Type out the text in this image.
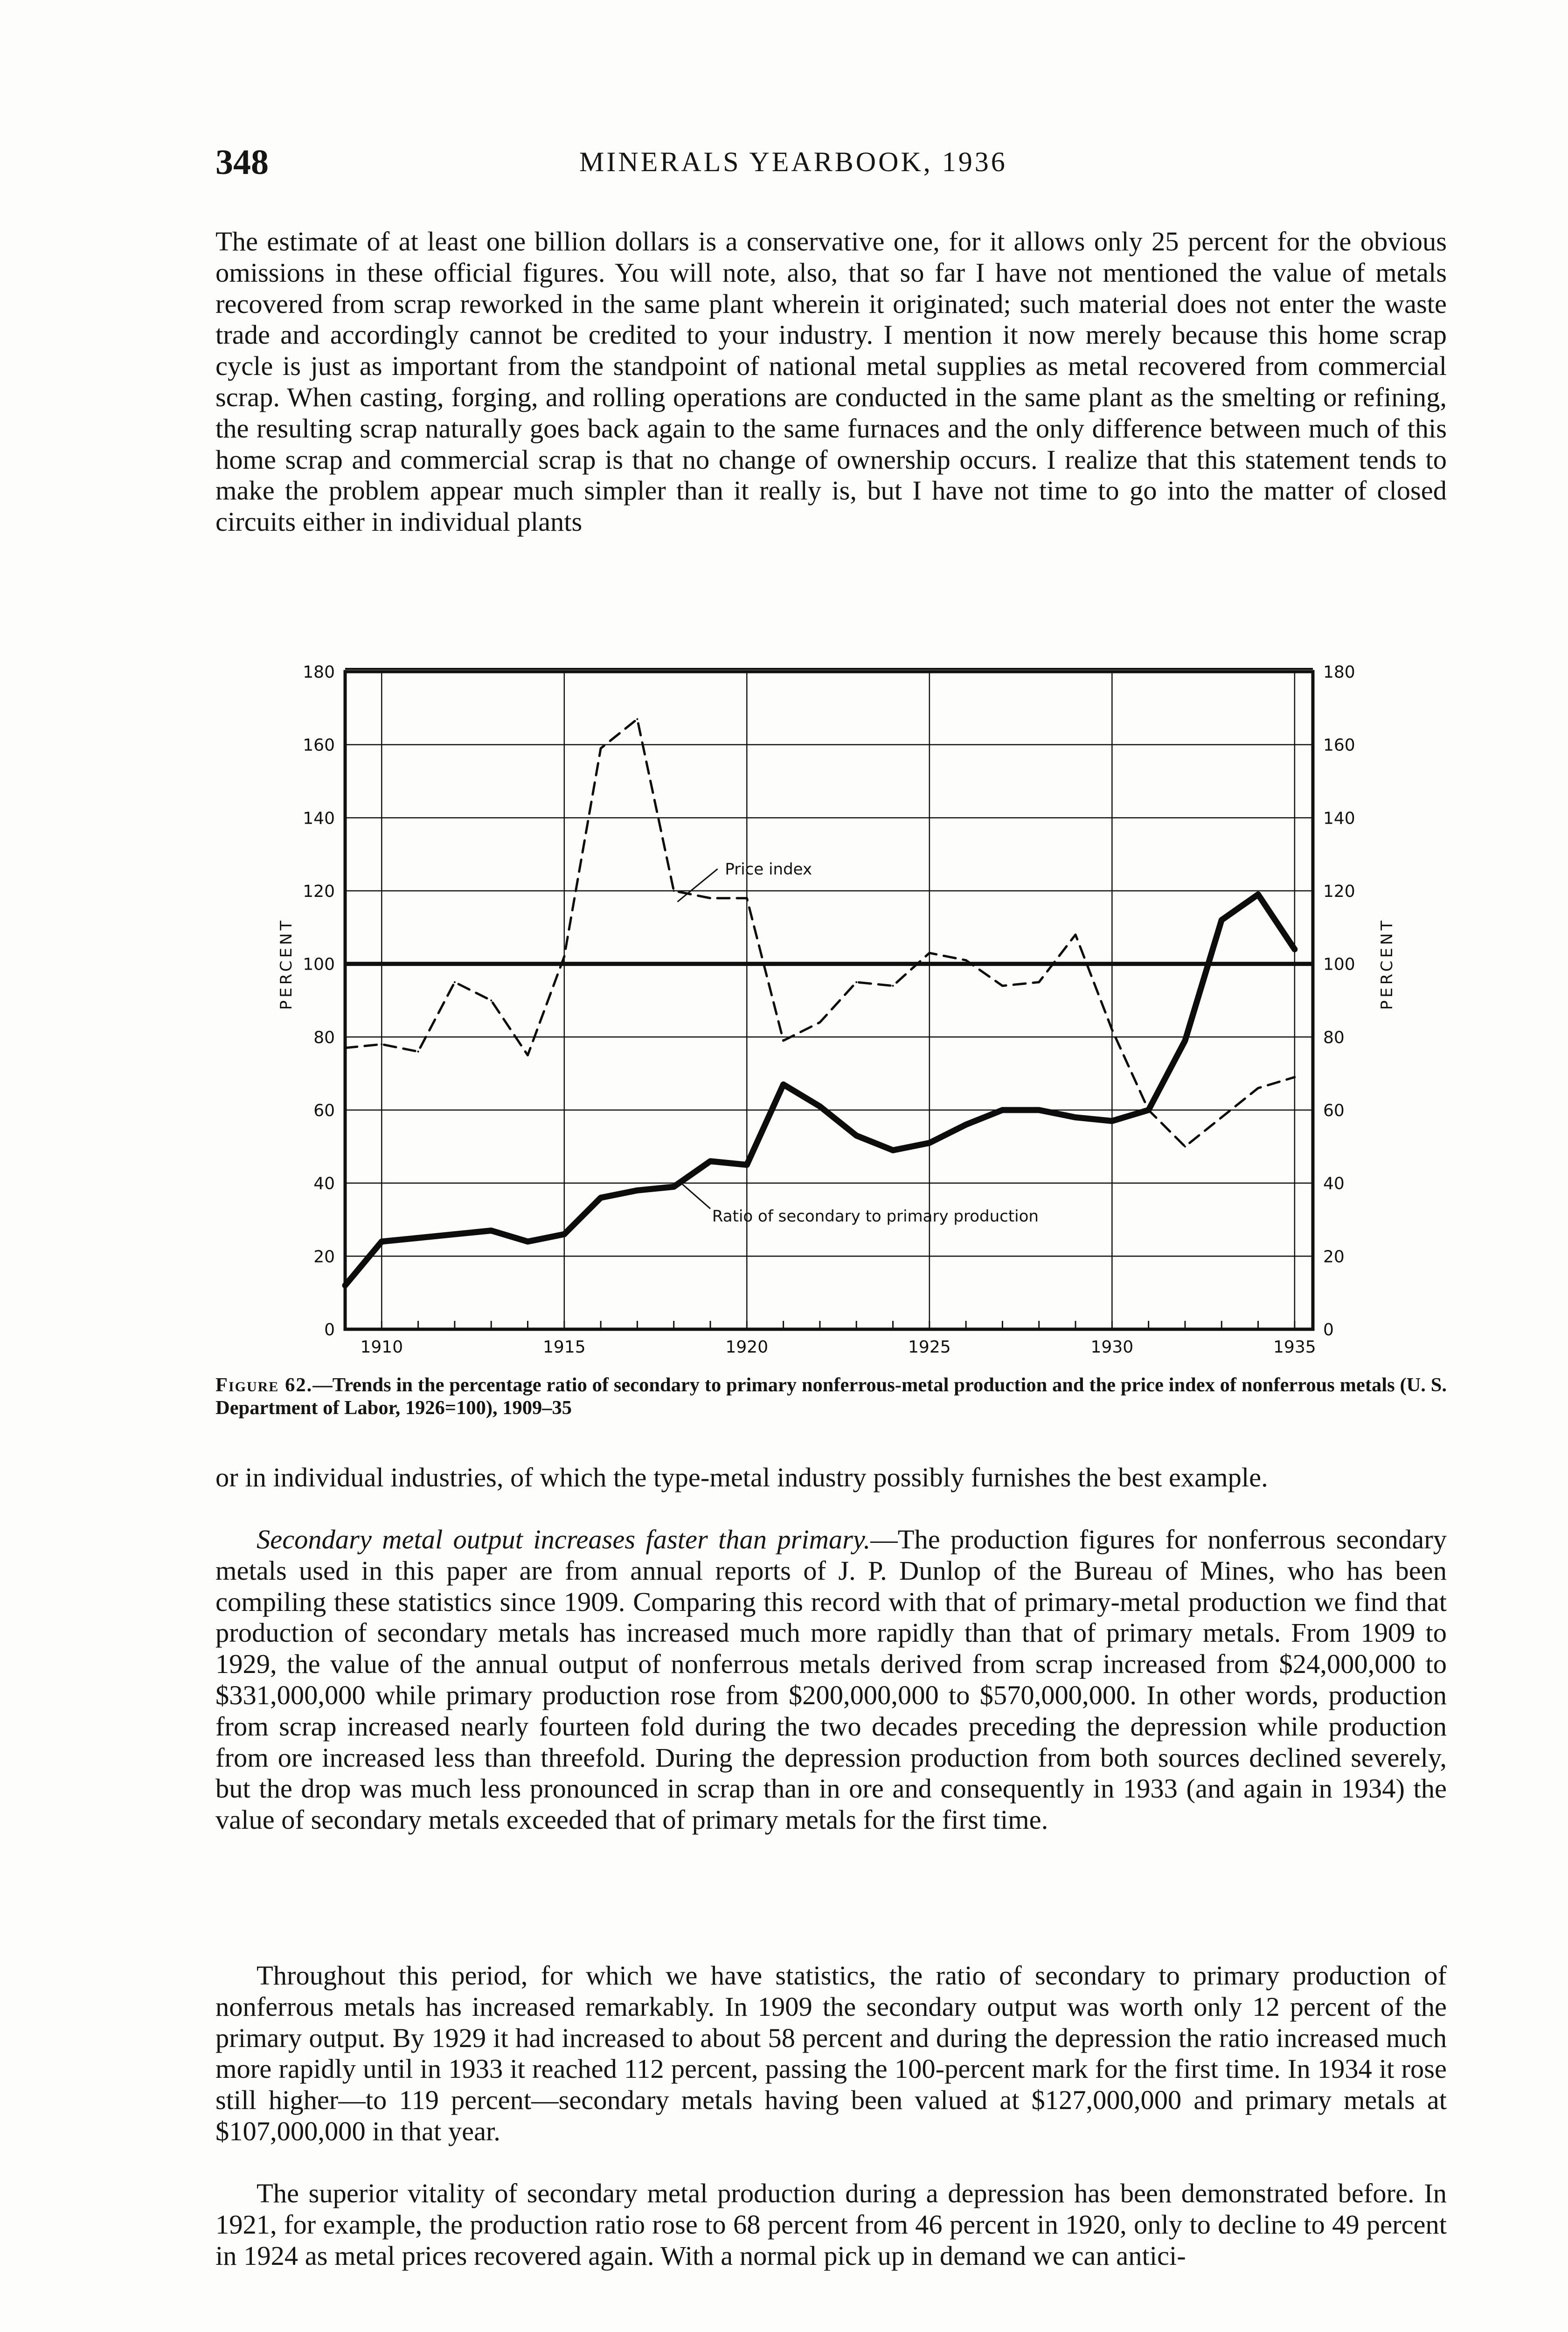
348	MINERALS YEARBOOK, 1936

The estimate of at least one billion dollars is a conservative one, for it allows only 25 percent for the obvious omissions in these official figures. You will note, also, that so far I have not mentioned the value of metals recovered from scrap reworked in the same plant wherein it originated; such material does not enter the waste trade and accordingly cannot be credited to your industry. I mention it now merely because this home scrap cycle is just as important from the standpoint of national metal supplies as metal recovered from commercial scrap. When casting, forging, and rolling operations are conducted in the same plant as the smelting or refining, the resulting scrap naturally goes back again to the same furnaces and the only difference between much of this home scrap and commercial scrap is that no change of ownership occurs. I realize that this statement tends to make the problem appear much simpler than it really is, but I have not time to go into the matter of closed circuits either in individual plants

0	0
20	20
40	40
60	60
80	80
100	100
120	120
140	140
160	160
180	180
1910	1915	1920	1925	1930	1935
PERCENT	PERCENT
Price index
Ratio of secondary to primary production
Figure 62.—Trends in the percentage ratio of secondary to primary nonferrous-metal production and the price index of nonferrous metals (U. S. Department of Labor, 1926=100), 1909–35

or in individual industries, of which the type-metal industry possibly furnishes the best example.

Secondary metal output increases faster than primary.—The production figures for nonferrous secondary metals used in this paper are from annual reports of J. P. Dunlop of the Bureau of Mines, who has been compiling these statistics since 1909. Comparing this record with that of primary-metal production we find that production of secondary metals has increased much more rapidly than that of primary metals. From 1909 to 1929, the value of the annual output of nonferrous metals derived from scrap increased from $24,000,000 to $331,000,000 while primary production rose from $200,000,000 to $570,000,000. In other words, production from scrap increased nearly fourteen fold during the two decades preceding the depression while production from ore increased less than threefold. During the depression production from both sources declined severely, but the drop was much less pronounced in scrap than in ore and consequently in 1933 (and again in 1934) the value of secondary metals exceeded that of primary metals for the first time.

Throughout this period, for which we have statistics, the ratio of secondary to primary production of nonferrous metals has increased remarkably. In 1909 the secondary output was worth only 12 percent of the primary output. By 1929 it had increased to about 58 percent and during the depression the ratio increased much more rapidly until in 1933 it reached 112 percent, passing the 100-percent mark for the first time. In 1934 it rose still higher—to 119 percent—secondary metals having been valued at $127,000,000 and primary metals at $107,000,000 in that year.

The superior vitality of secondary metal production during a depression has been demonstrated before. In 1921, for example, the production ratio rose to 68 percent from 46 percent in 1920, only to decline to 49 percent in 1924 as metal prices recovered again. With a normal pick up in demand we can antici-
